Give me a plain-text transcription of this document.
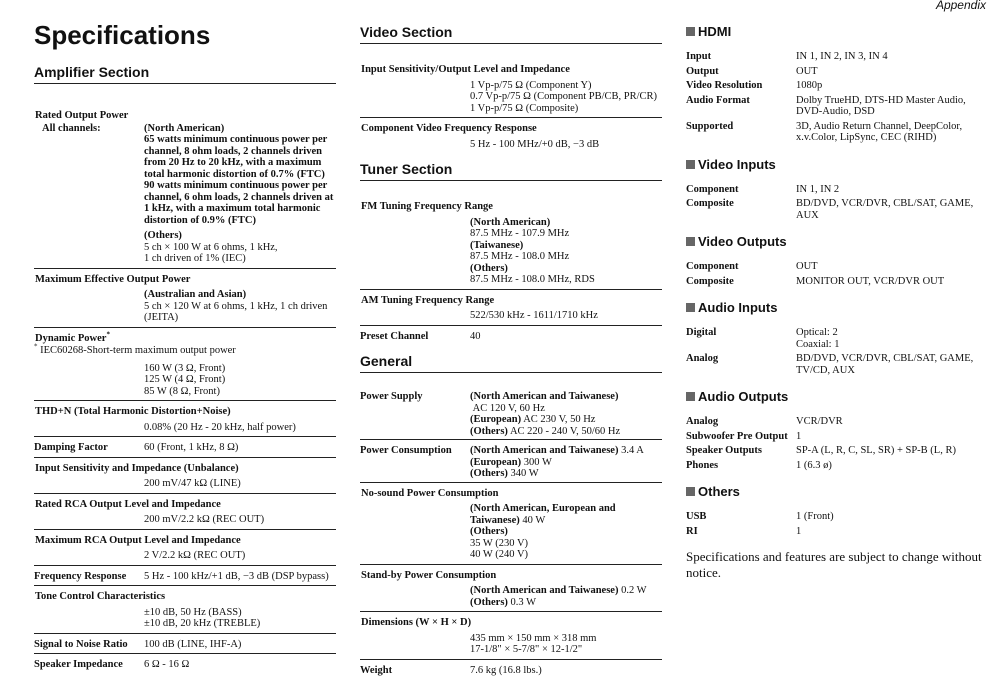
Appendix
Specifications
Amplifier Section
Rated Output Power
All channels:	(North American)
65 watts minimum continuous power per channel, 8 ohm loads, 2 channels driven from 20 Hz to 20 kHz, with a maximum total harmonic distortion of 0.7% (FTC)
90 watts minimum continuous power per channel, 6 ohm loads, 2 channels driven at 1 kHz, with a maximum total harmonic distortion of 0.9% (FTC)
(Others)
5 ch × 100 W at 6 ohms, 1 kHz,
1 ch driven of 1% (IEC)
Maximum Effective Output Power
(Australian and Asian)
5 ch × 120 W at 6 ohms, 1 kHz, 1 ch driven
(JEITA)
Dynamic Power*
* IEC60268-Short-term maximum output power
160 W (3 Ω, Front)
125 W (4 Ω, Front)
85 W (8 Ω, Front)
THD+N (Total Harmonic Distortion+Noise)
0.08% (20 Hz - 20 kHz, half power)
Damping Factor	60 (Front, 1 kHz, 8 Ω)
Input Sensitivity and Impedance (Unbalance)
200 mV/47 kΩ (LINE)
Rated RCA Output Level and Impedance
200 mV/2.2 kΩ (REC OUT)
Maximum RCA Output Level and Impedance
2 V/2.2 kΩ (REC OUT)
Frequency Response	5 Hz - 100 kHz/+1 dB, −3 dB (DSP bypass)
Tone Control Characteristics
±10 dB, 50 Hz (BASS)
±10 dB, 20 kHz (TREBLE)
Signal to Noise Ratio	100 dB (LINE, IHF-A)
Speaker Impedance	6 Ω - 16 Ω
Video Section
Input Sensitivity/Output Level and Impedance
1 Vp-p/75 Ω (Component Y)
0.7 Vp-p/75 Ω (Component PB/CB, PR/CR)
1 Vp-p/75 Ω (Composite)
Component Video Frequency Response
5 Hz - 100 MHz/+0 dB, −3 dB
Tuner Section
FM Tuning Frequency Range
(North American)
87.5 MHz - 107.9 MHz
(Taiwanese)
87.5 MHz - 108.0 MHz
(Others)
87.5 MHz - 108.0 MHz, RDS
AM Tuning Frequency Range
522/530 kHz - 1611/1710 kHz
Preset Channel	40
General
Power Supply	(North American and Taiwanese)
AC 120 V, 60 Hz
(European) AC 230 V, 50 Hz
(Others) AC 220 - 240 V, 50/60 Hz
Power Consumption	(North American and Taiwanese) 3.4 A
(European) 300 W
(Others) 340 W
No-sound Power Consumption
(North American, European and Taiwanese) 40 W
(Others)
35 W (230 V)
40 W (240 V)
Stand-by Power Consumption
(North American and Taiwanese) 0.2 W
(Others) 0.3 W
Dimensions (W × H × D)
435 mm × 150 mm × 318 mm
17-1/8" × 5-7/8" × 12-1/2"
Weight	7.6 kg (16.8 lbs.)
HDMI
Input	IN 1, IN 2, IN 3, IN 4
Output	OUT
Video Resolution	1080p
Audio Format	Dolby TrueHD, DTS-HD Master Audio, DVD-Audio, DSD
Supported	3D, Audio Return Channel, DeepColor, x.v.Color, LipSync, CEC (RIHD)
Video Inputs
Component	IN 1, IN 2
Composite	BD/DVD, VCR/DVR, CBL/SAT, GAME, AUX
Video Outputs
Component	OUT
Composite	MONITOR OUT, VCR/DVR OUT
Audio Inputs
Digital	Optical: 2
Coaxial: 1
Analog	BD/DVD, VCR/DVR, CBL/SAT, GAME, TV/CD, AUX
Audio Outputs
Analog	VCR/DVR
Subwoofer Pre Output 1
Speaker Outputs	SP-A (L, R, C, SL, SR) + SP-B (L, R)
Phones	1 (6.3 ø)
Others
USB	1 (Front)
RI	1
Specifications and features are subject to change without notice.
